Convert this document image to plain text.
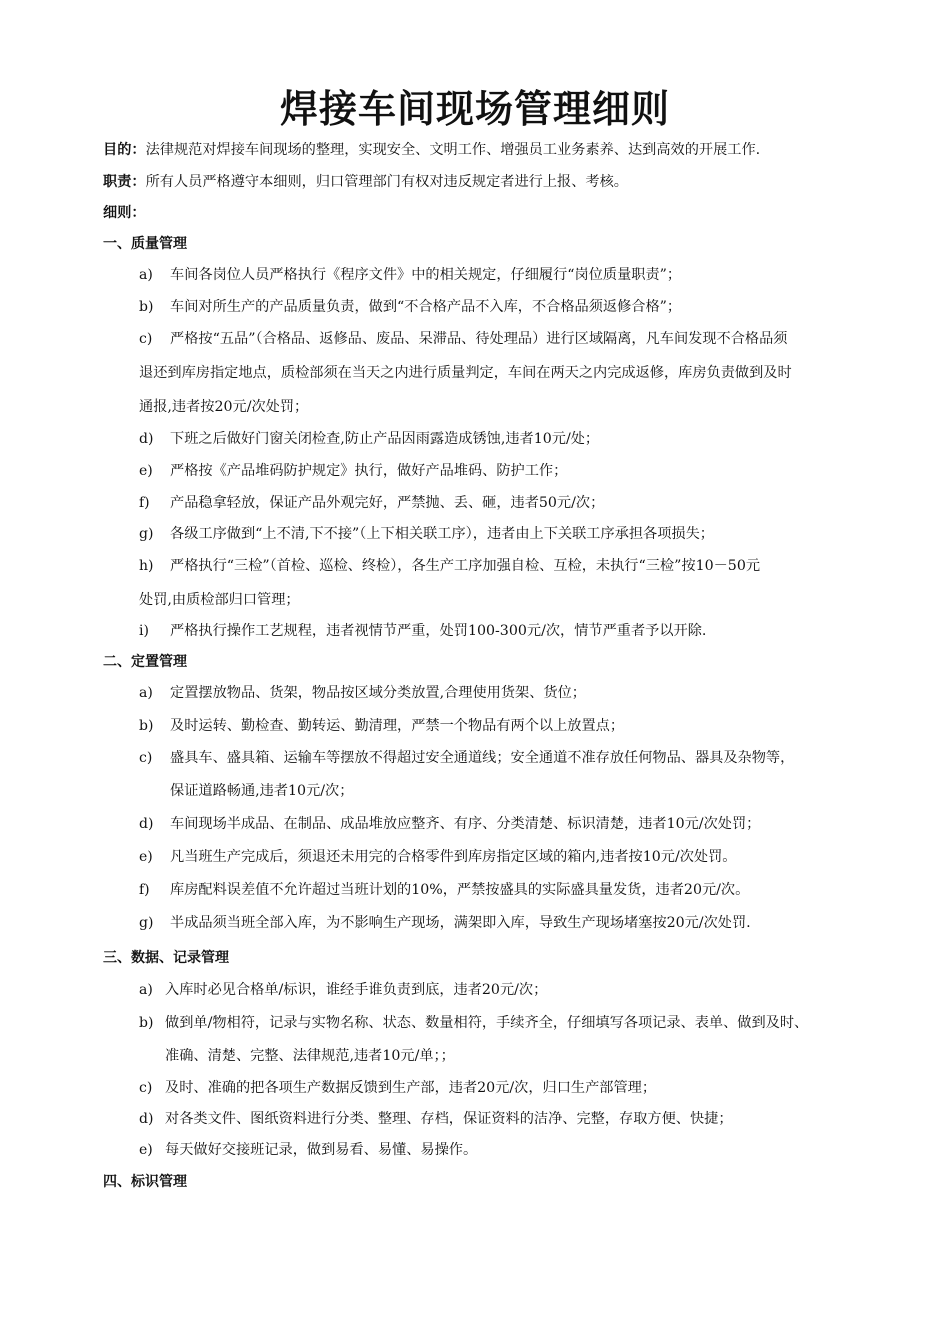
焊接车间现场管理细则
目的：法律规范对焊接车间现场的整理，实现安全、文明工作、增强员工业务素养、达到高效的开展工作.
职责：所有人员严格遵守本细则，归口管理部门有权对违反规定者进行上报、考核。
细则：
一、质量管理
a) 车间各岗位人员严格执行《程序文件》中的相关规定，仔细履行“岗位质量职责”；
b) 车间对所生产的产品质量负责，做到“不合格产品不入库，不合格品须返修合格”；
c) 严格按“五品”（合格品、返修品、废品、呆滞品、待处理品）进行区域隔离，凡车间发现不合格品须
退还到库房指定地点，质检部须在当天之内进行质量判定，车间在两天之内完成返修，库房负责做到及时
通报,违者按20元/次处罚；
d) 下班之后做好门窗关闭检查,防止产品因雨露造成锈蚀,违者10元/处；
e) 严格按《产品堆码防护规定》执行，做好产品堆码、防护工作；
f) 产品稳拿轻放，保证产品外观完好，严禁抛、丢、砸，违者50元/次；
g) 各级工序做到“上不清,下不接”（上下相关联工序），违者由上下关联工序承担各项损失；
h) 严格执行“三检”（首检、巡检、终检），各生产工序加强自检、互检，未执行“三检”按10－50元
处罚,由质检部归口管理；
i) 严格执行操作工艺规程，违者视情节严重，处罚100-300元/次，情节严重者予以开除.
二、定置管理
a) 定置摆放物品、货架，物品按区域分类放置,合理使用货架、货位；
b) 及时运转、勤检查、勤转运、勤清理，严禁一个物品有两个以上放置点；
c) 盛具车、盛具箱、运输车等摆放不得超过安全通道线；安全通道不准存放任何物品、器具及杂物等，
保证道路畅通,违者10元/次；
d) 车间现场半成品、在制品、成品堆放应整齐、有序、分类清楚、标识清楚，违者10元/次处罚；
e) 凡当班生产完成后，须退还未用完的合格零件到库房指定区域的箱内,违者按10元/次处罚。
f) 库房配料误差值不允许超过当班计划的10%，严禁按盛具的实际盛具量发货，违者20元/次。
g) 半成品须当班全部入库，为不影响生产现场，满架即入库，导致生产现场堵塞按20元/次处罚.
三、数据、记录管理
a) 入库时必见合格单/标识，谁经手谁负责到底，违者20元/次；
b) 做到单/物相符，记录与实物名称、状态、数量相符，手续齐全，仔细填写各项记录、表单、做到及时、
准确、清楚、完整、法律规范,违者10元/单；；
c) 及时、准确的把各项生产数据反馈到生产部，违者20元/次，归口生产部管理；
d) 对各类文件、图纸资料进行分类、整理、存档，保证资料的洁净、完整，存取方便、快捷；
e) 每天做好交接班记录，做到易看、易懂、易操作。
四、标识管理
